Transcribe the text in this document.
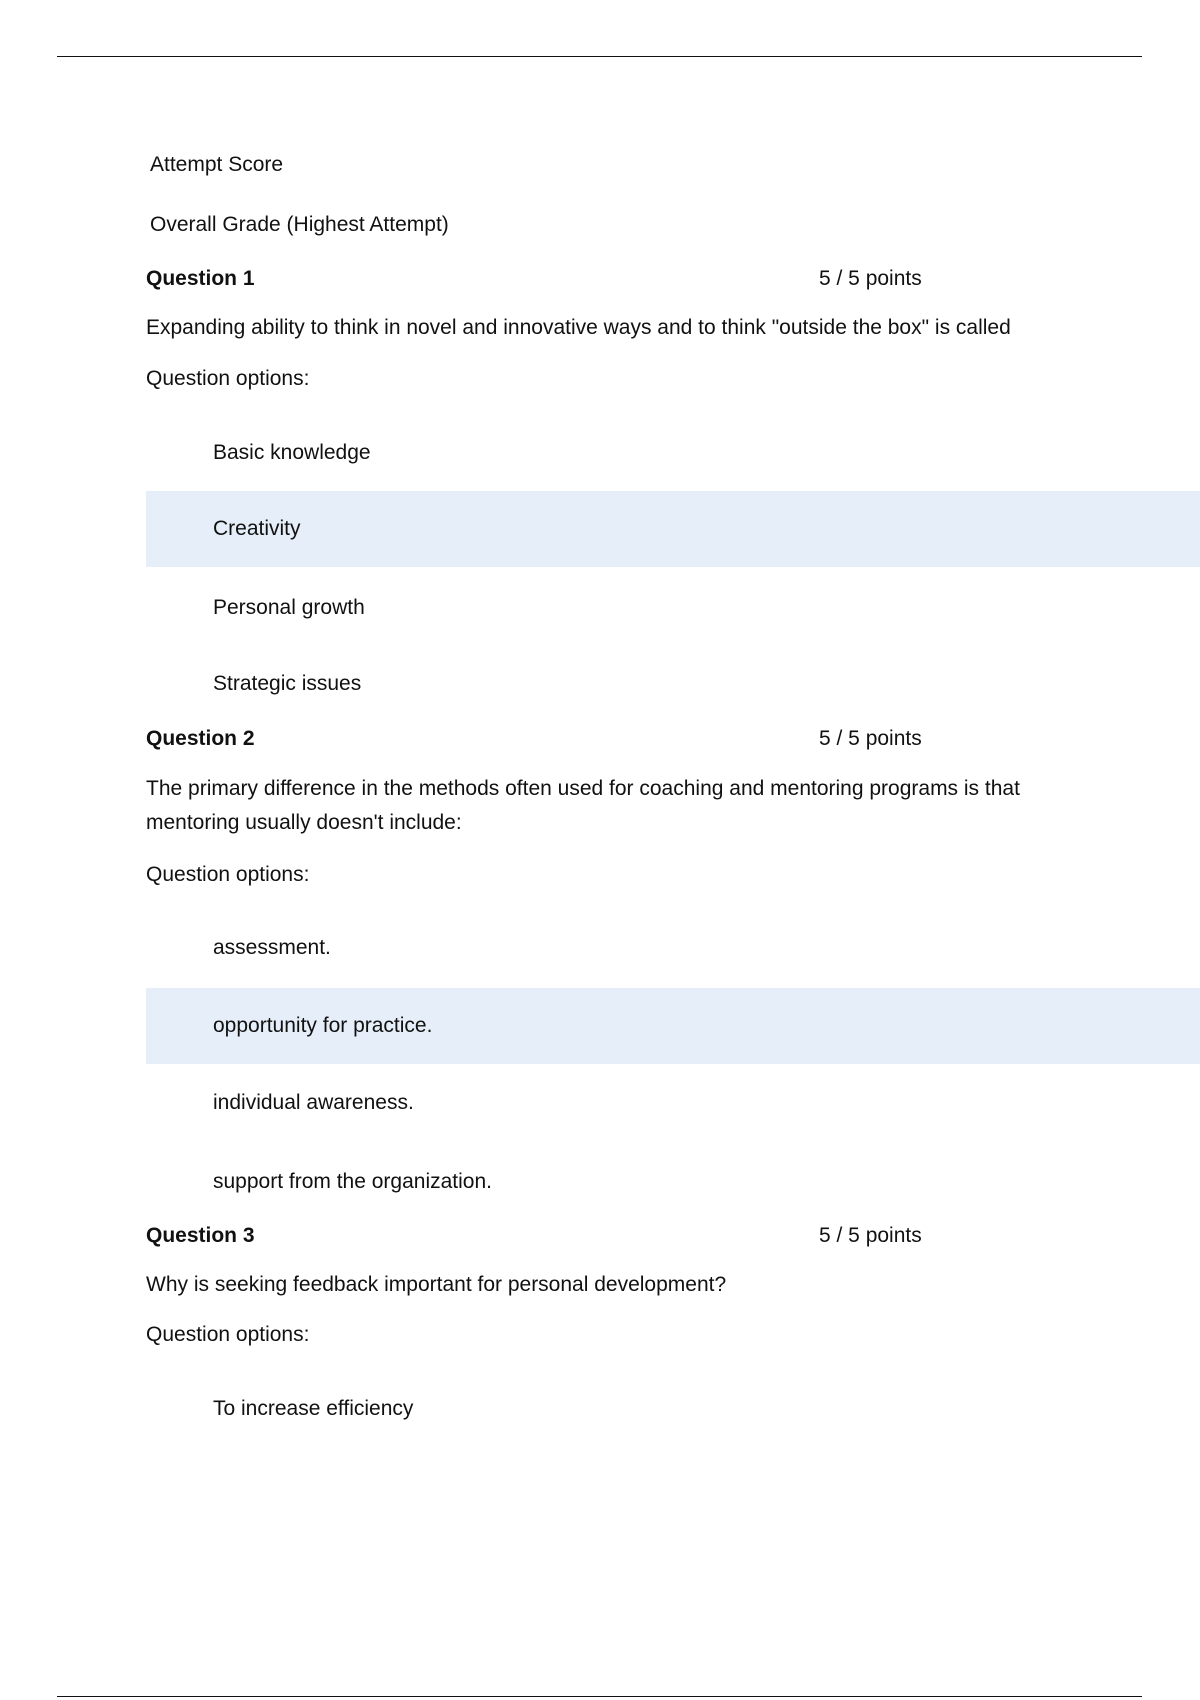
Attempt Score
Overall Grade (Highest Attempt)
Question 1	5 / 5 points
Expanding ability to think in novel and innovative ways and to think "outside the box" is called
Question options:
Basic knowledge
Creativity
Personal growth
Strategic issues
Question 2	5 / 5 points
The primary difference in the methods often used for coaching and mentoring programs is that mentoring usually doesn't include:
Question options:
assessment.
opportunity for practice.
individual awareness.
support from the organization.
Question 3	5 / 5 points
Why is seeking feedback important for personal development?
Question options:
To increase efficiency
